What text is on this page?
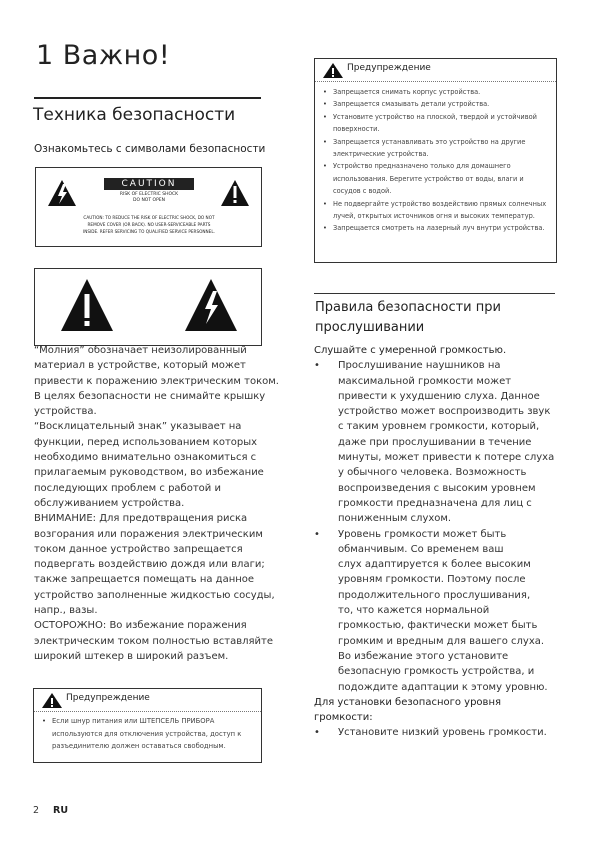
1 Важно!
Техника безопасности
Ознакомьтесь с символами безопасности
CAUTION
RISK OF ELECTRIC SHOCK
DO NOT OPEN
CAUTION: TO REDUCE THE RISK OF ELECTRIC SHOCK, DO NOT
REMOVE COVER (OR BACK). NO USER-SERVICEABLE PARTS
INSIDE. REFER SERVICING TO QUALIFIED SERVICE PERSONNEL.
“Молния” обозначает неизолированный
материал в устройстве, который может
привести к поражению электрическим током.
В целях безопасности не снимайте крышку
устройства.
“Восклицательный знак” указывает на
функции, перед использованием которых
необходимо внимательно ознакомиться с
прилагаемым руководством, во избежание
последующих проблем с работой и
обслуживанием устройства.
ВНИМАНИЕ: Для предотвращения риска
возгорания или поражения электрическим
током данное устройство запрещается
подвергать воздействию дождя или влаги;
также запрещается помещать на данное
устройство заполненные жидкостью сосуды,
напр., вазы.
ОСТОРОЖНО: Во избежание поражения
электрическим током полностью вставляйте
широкий штекер в широкий разъем.
Предупреждение
• Если шнур питания или ШТЕПСЕЛЬ ПРИБОРА используются для отключения устройства, доступ к разъединителю должен оставаться свободным.
Предупреждение
• Запрещается снимать корпус устройства.
• Запрещается смазывать детали устройства.
• Установите устройство на плоской, твердой и устойчивой поверхности.
• Запрещается устанавливать это устройство на другие электрические устройства.
• Устройство предназначено только для домашнего использования. Берегите устройство от воды, влаги и сосудов с водой.
• Не подвергайте устройство воздействию прямых солнечных лучей, открытых источников огня и высоких температур.
• Запрещается смотреть на лазерный луч внутри устройства.
Правила безопасности при
прослушивании
Слушайте с умеренной громкостью.
• Прослушивание наушников на
максимальной громкости может
привести к ухудшению слуха. Данное
устройство может воспроизводить звук
с таким уровнем громкости, который,
даже при прослушивании в течение
минуты, может привести к потере слуха
у обычного человека. Возможность
воспроизведения с высоким уровнем
громкости предназначена для лиц с
пониженным слухом.
• Уровень громкости может быть
обманчивым. Со временем ваш
слух адаптируется к более высоким
уровням громкости. Поэтому после
продолжительного прослушивания,
то, что кажется нормальной
громкостью, фактически может быть
громким и вредным для вашего слуха.
Во избежание этого установите
безопасную громкость устройства, и
подождите адаптации к этому уровню.
Для установки безопасного уровня
громкости:
• Установите низкий уровень громкости.
2 RU
